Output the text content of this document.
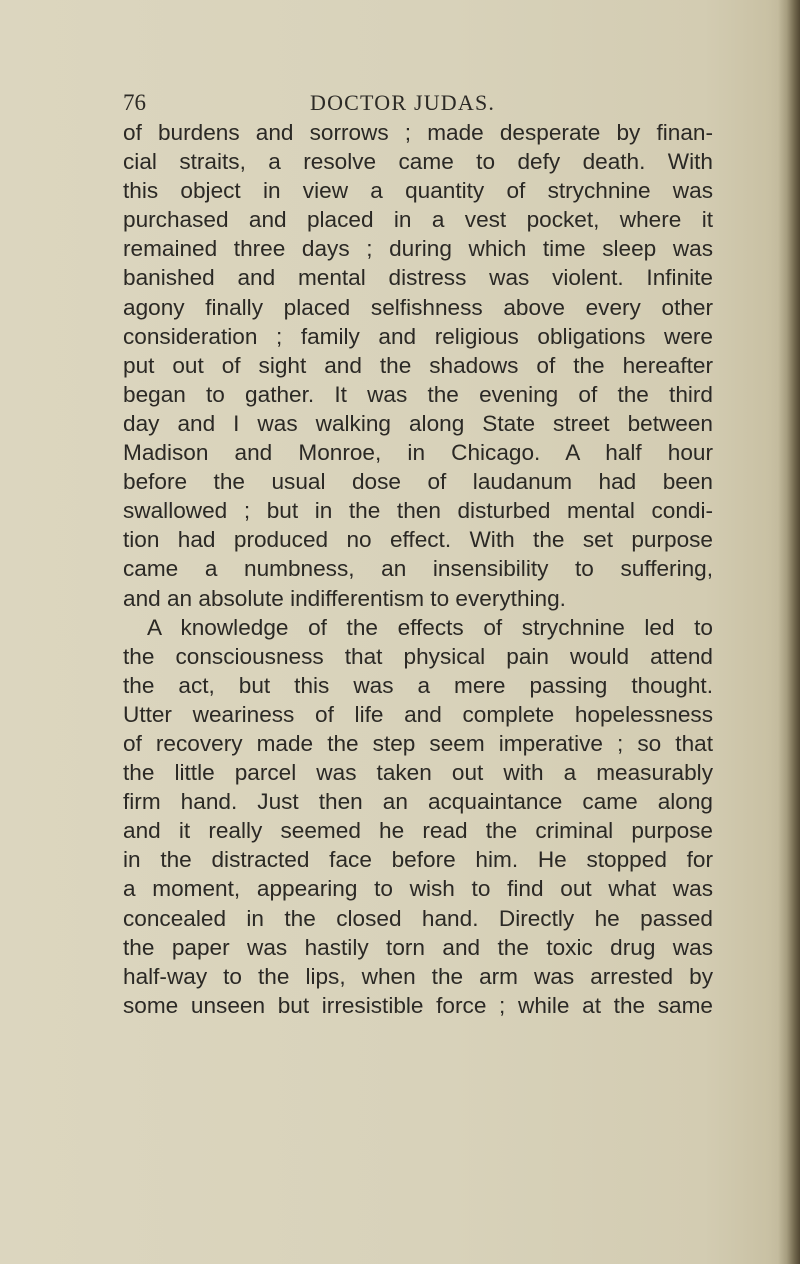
76	DOCTOR JUDAS.
of burdens and sorrows ; made desperate by finan-
cial straits, a resolve came to defy death. With
this object in view a quantity of strychnine was
purchased and placed in a vest pocket, where it
remained three days ; during which time sleep was
banished and mental distress was violent. Infinite
agony finally placed selfishness above every other
consideration ; family and religious obligations were
put out of sight and the shadows of the hereafter
began to gather. It was the evening of the third
day and I was walking along State street between
Madison and Monroe, in Chicago. A half hour
before the usual dose of laudanum had been
swallowed ; but in the then disturbed mental condi-
tion had produced no effect. With the set purpose
came a numbness, an insensibility to suffering,
and an absolute indifferentism to everything.
A knowledge of the effects of strychnine led to
the consciousness that physical pain would attend
the act, but this was a mere passing thought.
Utter weariness of life and complete hopelessness
of recovery made the step seem imperative ; so that
the little parcel was taken out with a measurably
firm hand. Just then an acquaintance came along
and it really seemed he read the criminal purpose
in the distracted face before him. He stopped for
a moment, appearing to wish to find out what was
concealed in the closed hand. Directly he passed
the paper was hastily torn and the toxic drug was
half-way to the lips, when the arm was arrested by
some unseen but irresistible force ; while at the same
